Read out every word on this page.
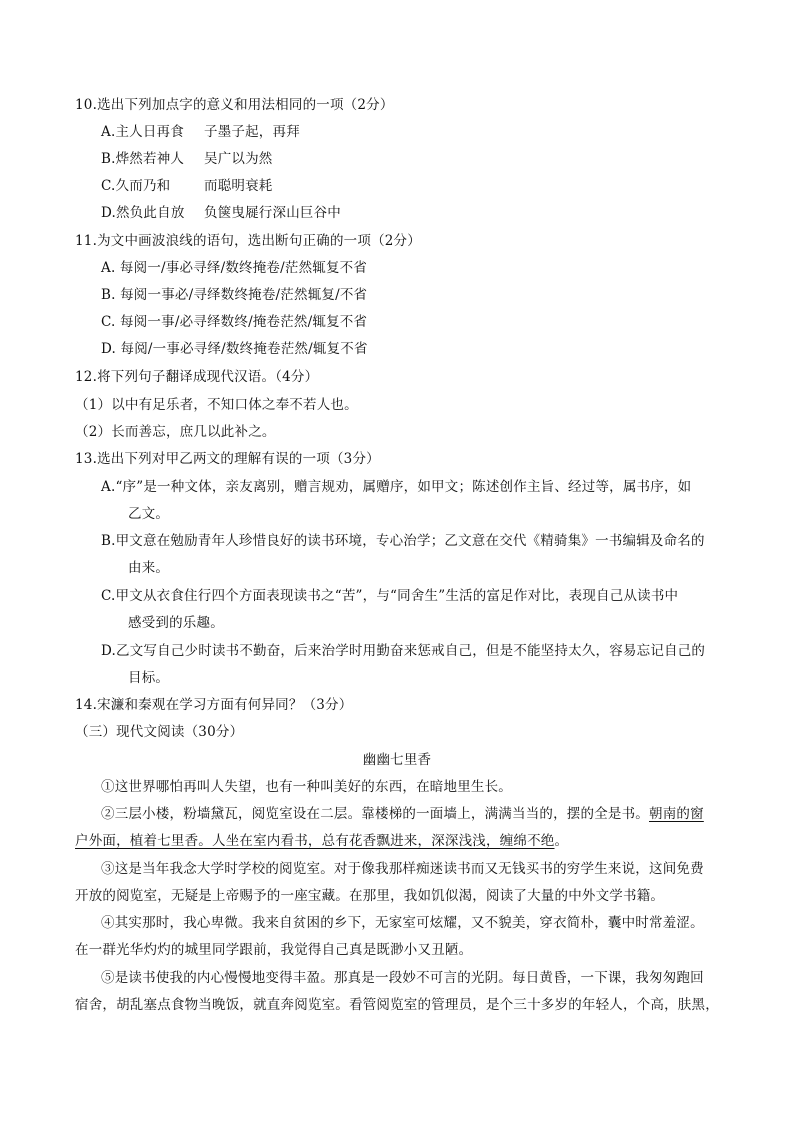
10.选出下列加点字的意义和用法相同的一项（2分）
A.主人日再食 子墨子起，再拜
B.烨然若神人 吴广以为然
C.久而乃和 而聪明衰耗
D.然负此自放 负箧曳屣行深山巨谷中
11.为文中画波浪线的语句，选出断句正确的一项（2分）
A. 每阅一/事必寻绎/数终掩卷/茫然辄复不省
B. 每阅一事必/寻绎数终掩卷/茫然辄复/不省
C. 每阅一事/必寻绎数终/掩卷茫然/辄复不省
D. 每阅/一事必寻绎/数终掩卷茫然/辄复不省
12.将下列句子翻译成现代汉语。（4分）
（1）以中有足乐者，不知口体之奉不若人也。
（2）长而善忘，庶几以此补之。
13.选出下列对甲乙两文的理解有误的一项（3分）
A.“序”是一种文体，亲友离别，赠言规劝，属赠序，如甲文；陈述创作主旨、经过等，属书序，如
乙文。
B.甲文意在勉励青年人珍惜良好的读书环境，专心治学；乙文意在交代《精骑集》一书编辑及命名的
由来。
C.甲文从衣食住行四个方面表现读书之“苦”，与“同舍生”生活的富足作对比，表现自己从读书中
感受到的乐趣。
D.乙文写自己少时读书不勤奋，后来治学时用勤奋来惩戒自己，但是不能坚持太久，容易忘记自己的
目标。
14.宋濂和秦观在学习方面有何异同？（3分）
（三）现代文阅读（30分）
幽幽七里香
①这世界哪怕再叫人失望，也有一种叫美好的东西，在暗地里生长。
②三层小楼，粉墙黛瓦，阅览室设在二层。靠楼梯的一面墙上，满满当当的，摆的全是书。朝南的窗
户外面，植着七里香。人坐在室内看书，总有花香飘进来，深深浅浅，缠绵不绝。
③这是当年我念大学时学校的阅览室。对于像我那样痴迷读书而又无钱买书的穷学生来说，这间免费
开放的阅览室，无疑是上帝赐予的一座宝藏。在那里，我如饥似渴，阅读了大量的中外文学书籍。
④其实那时，我心卑微。我来自贫困的乡下，无家室可炫耀，又不貌美，穿衣简朴，囊中时常羞涩。
在一群光华灼灼的城里同学跟前，我觉得自己真是既渺小又丑陋。
⑤是读书使我的内心慢慢地变得丰盈。那真是一段妙不可言的光阴。每日黄昏，一下课，我匆匆跑回
宿舍，胡乱塞点食物当晚饭，就直奔阅览室。看管阅览室的管理员，是个三十多岁的年轻人，个高，肤黑，
